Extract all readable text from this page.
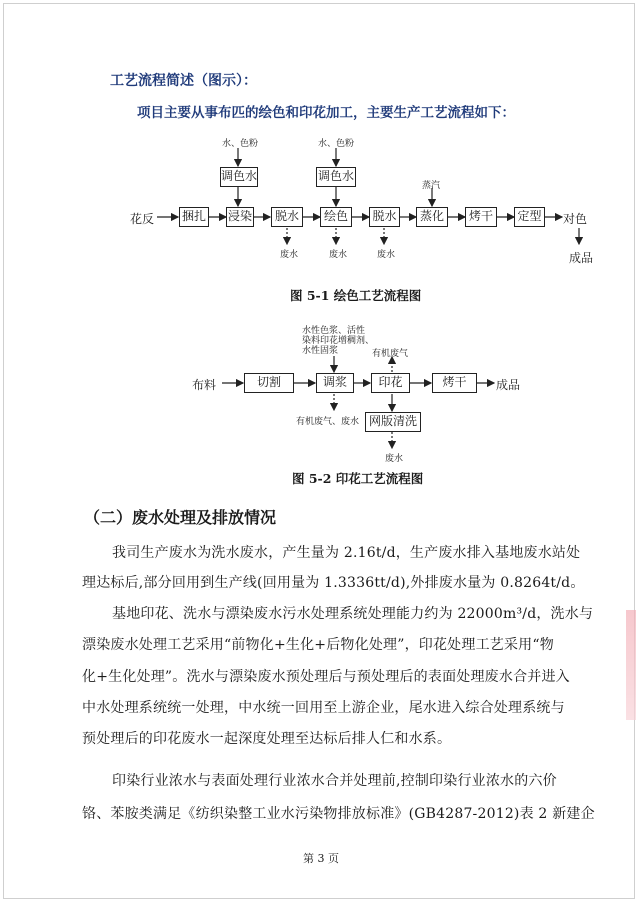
工艺流程简述（图示）：
项目主要从事布匹的绘色和印花加工，主要生产工艺流程如下：
水、色粉	水、色粉
调色水	调色水
蒸汽
花反 捆扎 浸染	脱水	绘色	脱水	蒸化	烤干	定型 对色
废水	废水	废水	成品
图 5-1 绘色工艺流程图
水性色浆、活性
染料印花增稠剂、
水性固浆	有机废气
布料	切割	调浆	印花	烤干	成品
有机废气、废水 网版清洗
废水
图 5-2 印花工艺流程图
（二）废水处理及排放情况
我司生产废水为洗水废水，产生量为 2.16t/d，生产废水排入基地废水站处
理达标后,部分回用到生产线(回用量为 1.3336tt/d),外排废水量为 0.8264t/d。
基地印花、洗水与漂染废水污水处理系统处理能力约为 22000m³/d，洗水与
漂染废水处理工艺采用“前物化+生化+后物化处理”，印花处理工艺采用“物
化+生化处理”。洗水与漂染废水预处理后与预处理后的表面处理废水合并进入
中水处理系统统一处理，中水统一回用至上游企业，尾水进入综合处理系统与
预处理后的印花废水一起深度处理至达标后排人仁和水系。
印染行业浓水与表面处理行业浓水合并处理前,控制印染行业浓水的六价
铬、苯胺类满足《纺织染整工业水污染物排放标准》(GB4287-2012)表 2 新建企
第 3 页
